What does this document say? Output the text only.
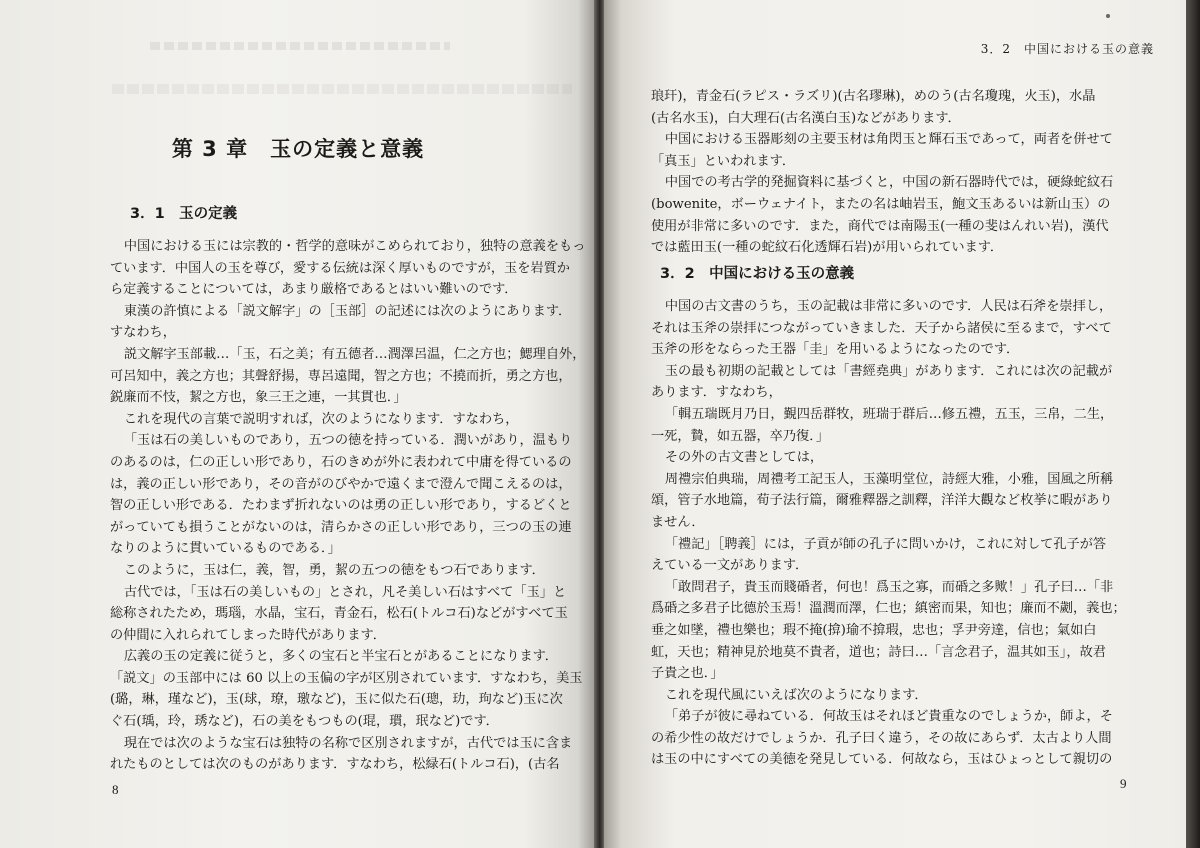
第 3 章　玉の定義と意義
3．1　玉の定義
中国における玉には宗教的・哲学的意味がこめられており，独特の意義をもっ
ています．中国人の玉を尊び，愛する伝統は深く厚いものですが，玉を岩質か
ら定義することについては，あまり厳格であるとはいい難いのです．
東漢の許慎による「説文解字」の［玉部］の記述には次のようにあります．
すなわち，
説文解字玉部載…「玉，石之美；有五德者…潤澤呂温，仁之方也；鰓理自外，
可呂知中，義之方也；其聲舒揚，専呂遠聞，智之方也；不撓而折，勇之方也，
鋭廉而不忮，絜之方也，象三王之連，一其貫也．」
これを現代の言葉で説明すれば，次のようになります．すなわち，
「玉は石の美しいものであり，五つの徳を持っている．潤いがあり，温もり
のあるのは，仁の正しい形であり，石のきめが外に表われて中庸を得ているの
は，義の正しい形であり，その音がのびやかで遠くまで澄んで聞こえるのは，
智の正しい形である．たわまず折れないのは勇の正しい形であり，するどくと
がっていても損うことがないのは，清らかさの正しい形であり，三つの玉の連
なりのように貫いているものである．」
このように，玉は仁，義，智，勇，絜の五つの徳をもつ石であります．
古代では，「玉は石の美しいもの」とされ，凡そ美しい石はすべて「玉」と
総称されたため，瑪瑙，水晶，宝石，青金石，松石(トルコ石)などがすべて玉
の仲間に入れられてしまった時代があります．
広義の玉の定義に従うと，多くの宝石と半宝石とがあることになります．
「説文」の玉部中には 60 以上の玉偏の字が区別されています．すなわち，美玉
(璐，琳，瑾など)，玉(球，璙，璬など)，玉に似た石(璁，玏，玽など)玉に次
ぐ石(瑀，玲，琇など)，石の美をもつもの(琨，瑻，珉など)です．
現在では次のような宝石は独特の名称で区別されますが，古代では玉に含ま
れたものとしては次のものがあります．すなわち，松緑石(トルコ石)，(古名
8
3．2　中国における玉の意義
琅玕)，青金石(ラピス・ラズリ)(古名璆琳)，めのう(古名瓊瑰，火玉)，水晶
(古名水玉)，白大理石(古名漢白玉)などがあります．
中国における玉器彫刻の主要玉材は角閃玉と輝石玉であって，両者を併せて
「真玉」といわれます．
中国での考古学的発掘資料に基づくと，中国の新石器時代では，硬綠蛇紋石
(bowenite，ボーウェナイト，またの名は岫岩玉，鮑文玉あるいは新山玉）の
使用が非常に多いのです．また，商代では南陽玉(一種の斐はんれい岩)，漢代
では藍田玉(一種の蛇紋石化透輝石岩)が用いられています．
3．2　中国における玉の意義
中国の古文書のうち，玉の記載は非常に多いのです．人民は石斧を崇拝し，
それは玉斧の崇拝につながっていきました．天子から諸侯に至るまで，すべて
玉斧の形をならった王器「圭」を用いるようになったのです．
玉の最も初期の記載としては「書經堯典」があります．これには次の記載が
あります．すなわち，
「輯五瑞既月乃日，覲四岳群牧，班瑞于群后…修五禮，五玉，三帛，二生，
一死，贄，如五器，卒乃復．」
その外の古文書としては，
周禮宗伯典瑞，周禮考工記玉人，玉藻明堂位，詩經大雅，小雅，国風之所稱
頌，管子水地篇，荀子法行篇，爾雅釋器之訓釋，洋洋大觀など枚挙に暇があり
ません．
「禮記」［聘義］には，子貢が師の孔子に問いかけ，これに対して孔子が答
えている一文があります．
「敢問君子，貴玉而賤碈者，何也！爲玉之寡，而碈之多歟！」孔子曰…「非
爲碈之多君子比德於玉焉！溫潤而澤，仁也；縝密而果，知也；廉而不劌，義也；
垂之如墜，禮也樂也；瑕不掩(揜)瑜不揜瑕，忠也；孚尹旁達，信也；氣如白
虹，天也；精神見於地莫不貴者，道也；詩曰…「言念君子，温其如玉」，故君
子貴之也．」
これを現代風にいえば次のようになります．
「弟子が彼に尋ねている．何故玉はそれほど貴重なのでしょうか，師よ，そ
の希少性の故だけでしょうか．孔子曰く違う，その故にあらず．太古より人間
は玉の中にすべての美徳を発見している．何故なら，玉はひょっとして親切の
9
